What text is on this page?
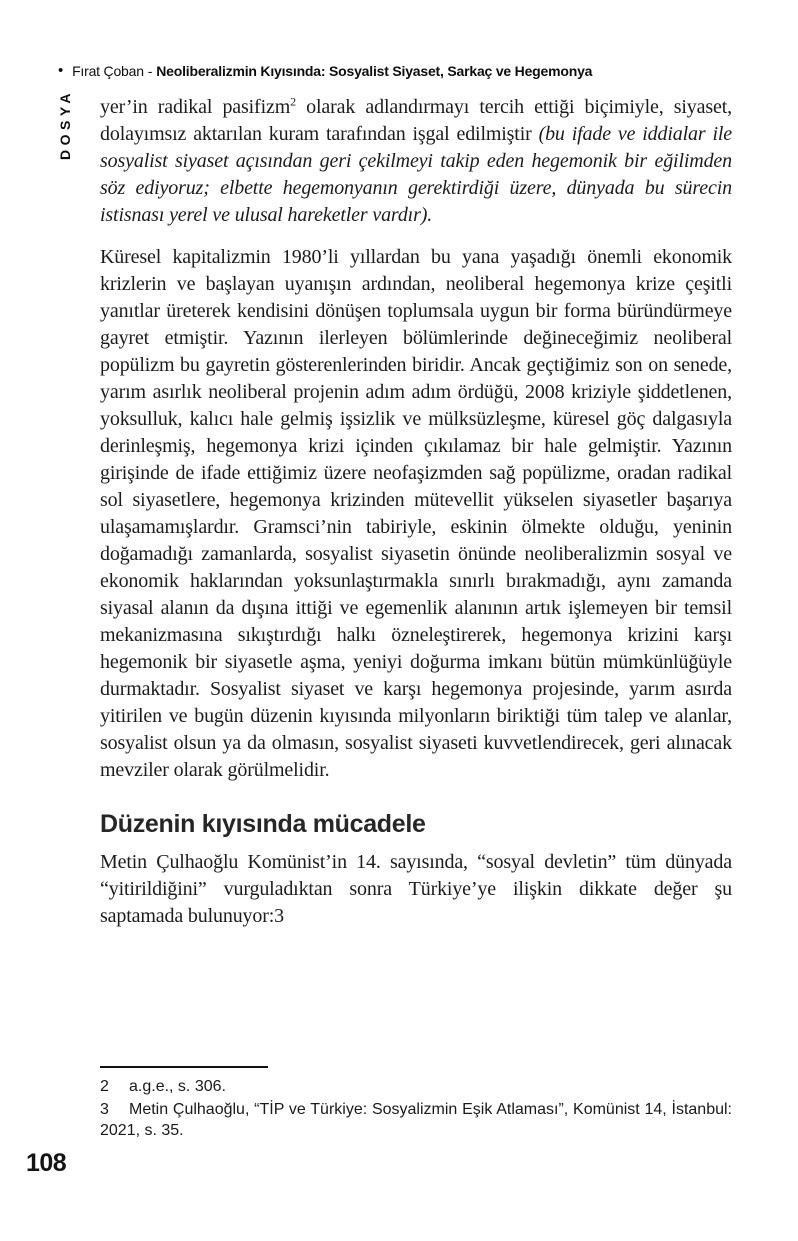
• Fırat Çoban - Neoliberalizmin Kıyısında: Sosyalist Siyaset, Sarkaç ve Hegemonya
DOSYA yer’in radikal pasifizm$^2$ olarak adlandırmayı tercih ettiği biçimiyle, siyaset, dolayımsız aktarılan kuram tarafından işgal edilmiştir (bu ifade ve iddialar ile sosyalist siyaset açısından geri çekilmeyi takip eden hegemonik bir eğilimden söz ediyoruz; elbette hegemonyanın gerektirdiği üzere, dünyada bu sürecin istisnası yerel ve ulusal hareketler vardır).

Küresel kapitalizmin 1980’li yıllardan bu yana yaşadığı önemli ekonomik krizlerin ve başlayan uyanışın ardından, neoliberal hegemonya krize çeşitli yanıtlar üreterek kendisini dönüşen toplumsala uygun bir forma büründürmeye gayret etmiştir. Yazının ilerleyen bölümlerinde değineceğimiz neoliberal popülizm bu gayretin gösterenlerinden biridir. Ancak geçtiğimiz son on senede, yarım asırlık neoliberal projenin adım adım ördüğü, 2008 kriziyle şiddetlenen, yoksulluk, kalıcı hale gelmiş işsizlik ve mülksüzleşme, küresel göç dalgasıyla derinleşmiş, hegemonya krizi içinden çıkılamaz bir hale gelmiştir. Yazının girişinde de ifade ettiğimiz üzere neofaşizmden sağ popülizme, oradan radikal sol siyasetlere, hegemonya krizinden mütevellit yükselen siyasetler başarıya ulaşamamışlardır. Gramsci’nin tabiriyle, eskinin ölmekte olduğu, yeninin doğamadığı zamanlarda, sosyalist siyasetin önünde neoliberalizmin sosyal ve ekonomik haklarından yoksunlaştırmakla sınırlı bırakmadığı, aynı zamanda siyasal alanın da dışına ittiği ve egemenlik alanının artık işlemeyen bir temsil mekanizmasına sıkıştırdığı halkı özneleştirerek, hegemonya krizini karşı hegemonik bir siyasetle aşma, yeniyi doğurma imkanı bütün mümkünlüğüyle durmaktadır. Sosyalist siyaset ve karşı hegemonya projesinde, yarım asırda yitirilen ve bugün düzenin kıyısında milyonların biriktiği tüm talep ve alanlar, sosyalist olsun ya da olmasın, sosyalist siyaseti kuvvetlendirecek, geri alınacak mevziler olarak görülmelidir.

Düzenin kıyısında mücadele

Metin Çulhaoğlu Komünist’in 14. sayısında, “sosyal devletin” tüm dünyada “yitirildiğini” vurguladıktan sonra Türkiye’ye ilişkin dikkate değer şu saptamada bulunuyor:3

2 a.g.e., s. 306.

3 Metin Çulhaoğlu, “TİP ve Türkiye: Sosyalizmin Eşik Atlaması”, Komünist 14, İstanbul: 2021, s. 35.

108
